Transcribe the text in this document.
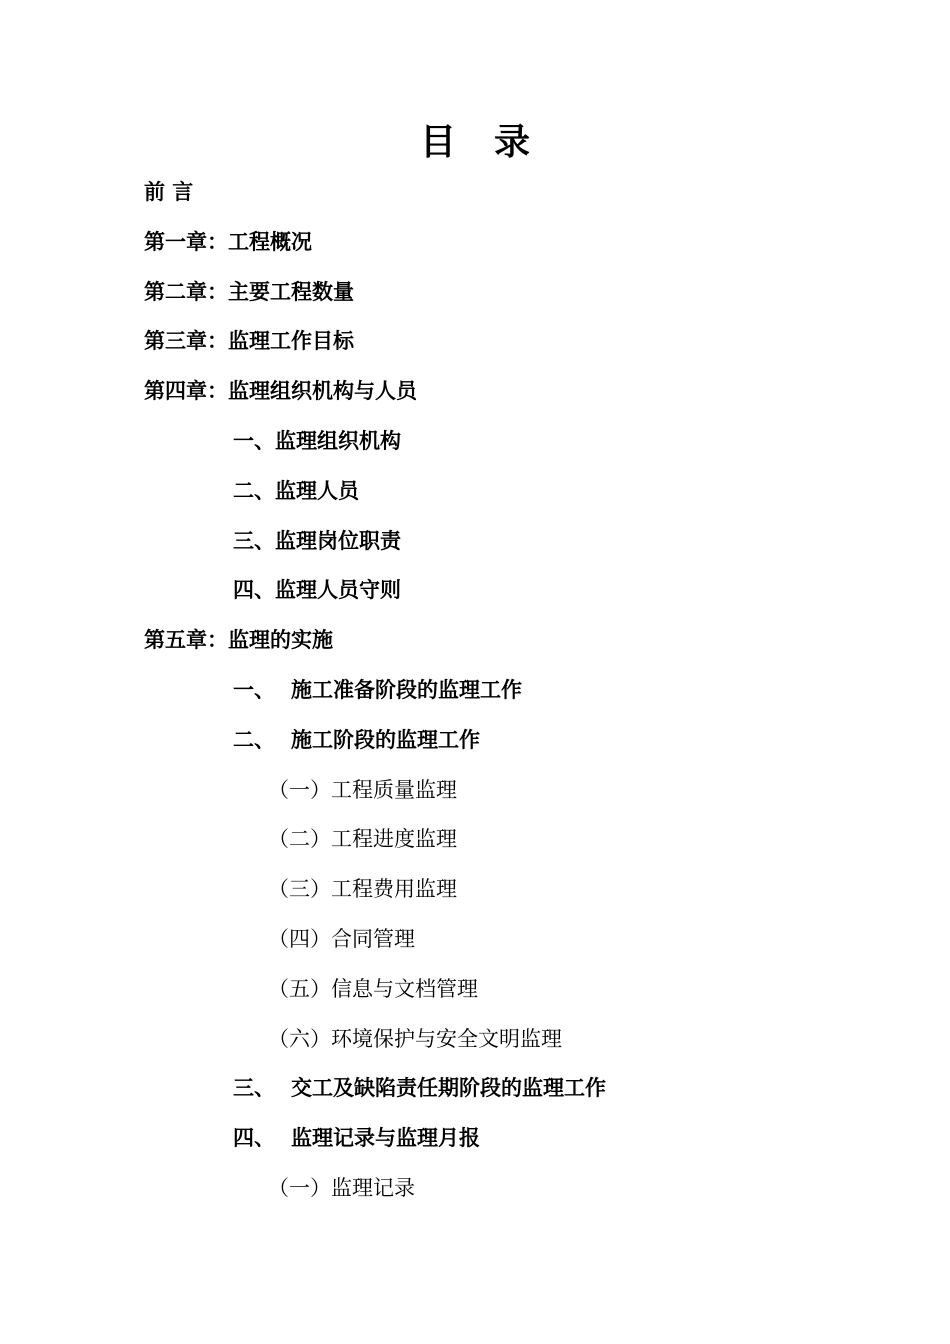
目录
前 言
第一章：工程概况
第二章：主要工程数量
第三章：监理工作目标
第四章：监理组织机构与人员
一、监理组织机构
二、监理人员
三、监理岗位职责
四、监理人员守则
第五章：监理的实施
一、 施工准备阶段的监理工作
二、 施工阶段的监理工作
（一）工程质量监理
（二）工程进度监理
（三）工程费用监理
（四）合同管理
（五）信息与文档管理
（六）环境保护与安全文明监理
三、 交工及缺陷责任期阶段的监理工作
四、 监理记录与监理月报
（一）监理记录
